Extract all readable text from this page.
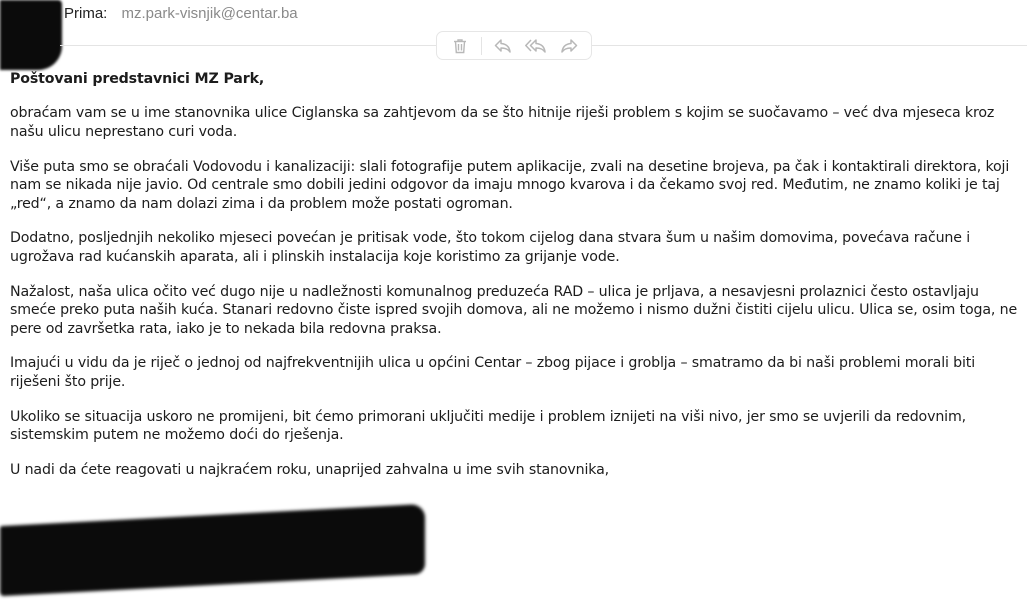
Prima: mz.park-visnjik@centar.ba

Poštovani predstavnici MZ Park,

obraćam vam se u ime stanovnika ulice Ciglanska sa zahtjevom da se što hitnije riješi problem s kojim se suočavamo – već dva mjeseca kroz našu ulicu neprestano curi voda.

Više puta smo se obraćali Vodovodu i kanalizaciji: slali fotografije putem aplikacije, zvali na desetine brojeva, pa čak i kontaktirali direktora, koji nam se nikada nije javio. Od centrale smo dobili jedini odgovor da imaju mnogo kvarova i da čekamo svoj red. Međutim, ne znamo koliki je taj „red“, a znamo da nam dolazi zima i da problem može postati ogroman.

Dodatno, posljednjih nekoliko mjeseci povećan je pritisak vode, što tokom cijelog dana stvara šum u našim domovima, povećava račune i ugrožava rad kućanskih aparata, ali i plinskih instalacija koje koristimo za grijanje vode.

Nažalost, naša ulica očito već dugo nije u nadležnosti komunalnog preduzeća RAD – ulica je prljava, a nesavjesni prolaznici često ostavljaju smeće preko puta naših kuća. Stanari redovno čiste ispred svojih domova, ali ne možemo i nismo dužni čistiti cijelu ulicu. Ulica se, osim toga, ne pere od završetka rata, iako je to nekada bila redovna praksa.

Imajući u vidu da je riječ o jednoj od najfrekventnijih ulica u općini Centar – zbog pijace i groblja – smatramo da bi naši problemi morali biti riješeni što prije.

Ukoliko se situacija uskoro ne promijeni, bit ćemo primorani uključiti medije i problem iznijeti na viši nivo, jer smo se uvjerili da redovnim, sistemskim putem ne možemo doći do rješenja.

U nadi da ćete reagovati u najkraćem roku, unaprijed zahvalna u ime svih stanovnika,
